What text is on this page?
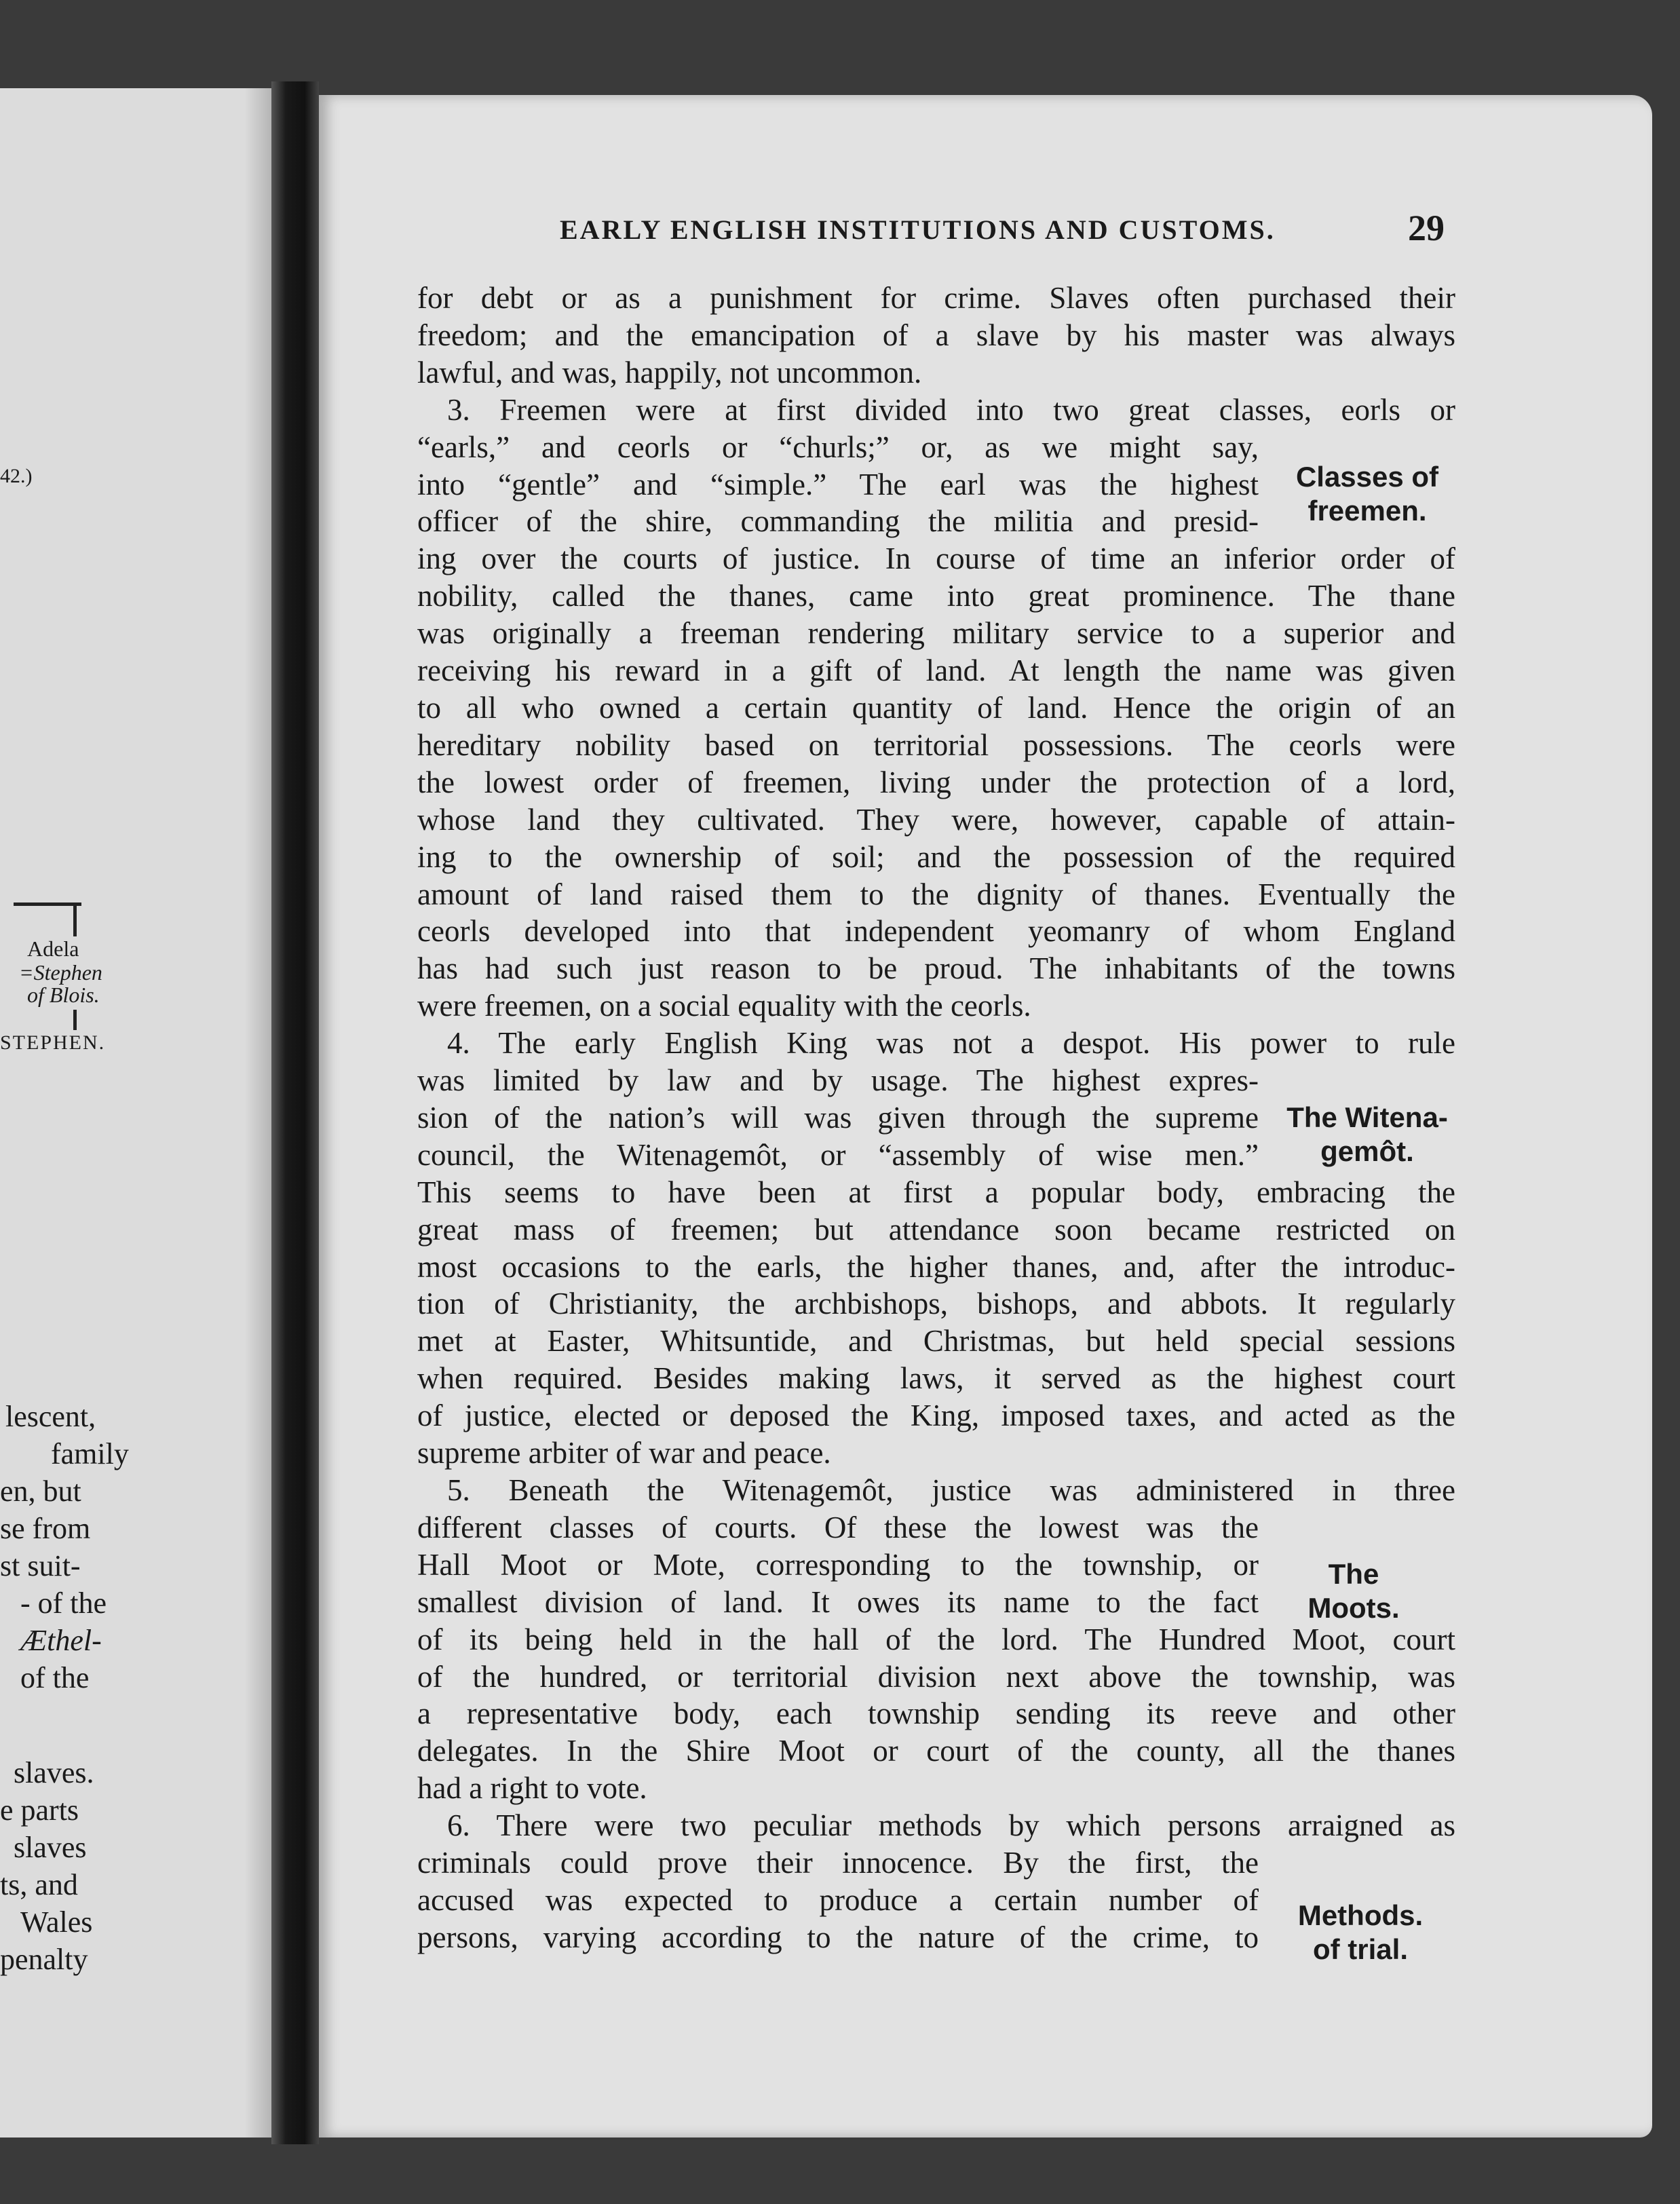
42.)
Adela
=Stephen
of Blois.
STEPHEN.
lescent,
family
en, but
se from
st suit-
- of the
Æthel-
of the
slaves.
e parts
slaves
ts, and
Wales
penalty
EARLY ENGLISH INSTITUTIONS AND CUSTOMS.	29
for debt or as a punishment for crime. Slaves often purchased their
freedom; and the emancipation of a slave by his master was always
lawful, and was, happily, not uncommon.
3. Freemen were at first divided into two great classes, eorls or
“earls,” and ceorls or “churls;” or, as we might say,
into “gentle” and “simple.” The earl was the highest
officer of the shire, commanding the militia and presid-
ing over the courts of justice. In course of time an inferior order of
nobility, called the thanes, came into great prominence. The thane
was originally a freeman rendering military service to a superior and
receiving his reward in a gift of land. At length the name was given
to all who owned a certain quantity of land. Hence the origin of an
hereditary nobility based on territorial possessions. The ceorls were
the lowest order of freemen, living under the protection of a lord,
whose land they cultivated. They were, however, capable of attain-
ing to the ownership of soil; and the possession of the required
amount of land raised them to the dignity of thanes. Eventually the
ceorls developed into that independent yeomanry of whom England
has had such just reason to be proud. The inhabitants of the towns
were freemen, on a social equality with the ceorls.
4. The early English King was not a despot. His power to rule
was limited by law and by usage. The highest expres-
sion of the nation’s will was given through the supreme
council, the Witenagemôt, or “assembly of wise men.”
This seems to have been at first a popular body, embracing the
great mass of freemen; but attendance soon became restricted on
most occasions to the earls, the higher thanes, and, after the introduc-
tion of Christianity, the archbishops, bishops, and abbots. It regularly
met at Easter, Whitsuntide, and Christmas, but held special sessions
when required. Besides making laws, it served as the highest court
of justice, elected or deposed the King, imposed taxes, and acted as the
supreme arbiter of war and peace.
5. Beneath the Witenagemôt, justice was administered in three
different classes of courts. Of these the lowest was the
Hall Moot or Mote, corresponding to the township, or
smallest division of land. It owes its name to the fact
of its being held in the hall of the lord. The Hundred Moot, court
of the hundred, or territorial division next above the township, was
a representative body, each township sending its reeve and other
delegates. In the Shire Moot or court of the county, all the thanes
had a right to vote.
6. There were two peculiar methods by which persons arraigned as
criminals could prove their innocence. By the first, the
accused was expected to produce a certain number of
persons, varying according to the nature of the crime, to
Classes of
freemen.
The Witena-
gemôt.
The
Moots.
Methods.
of trial.
